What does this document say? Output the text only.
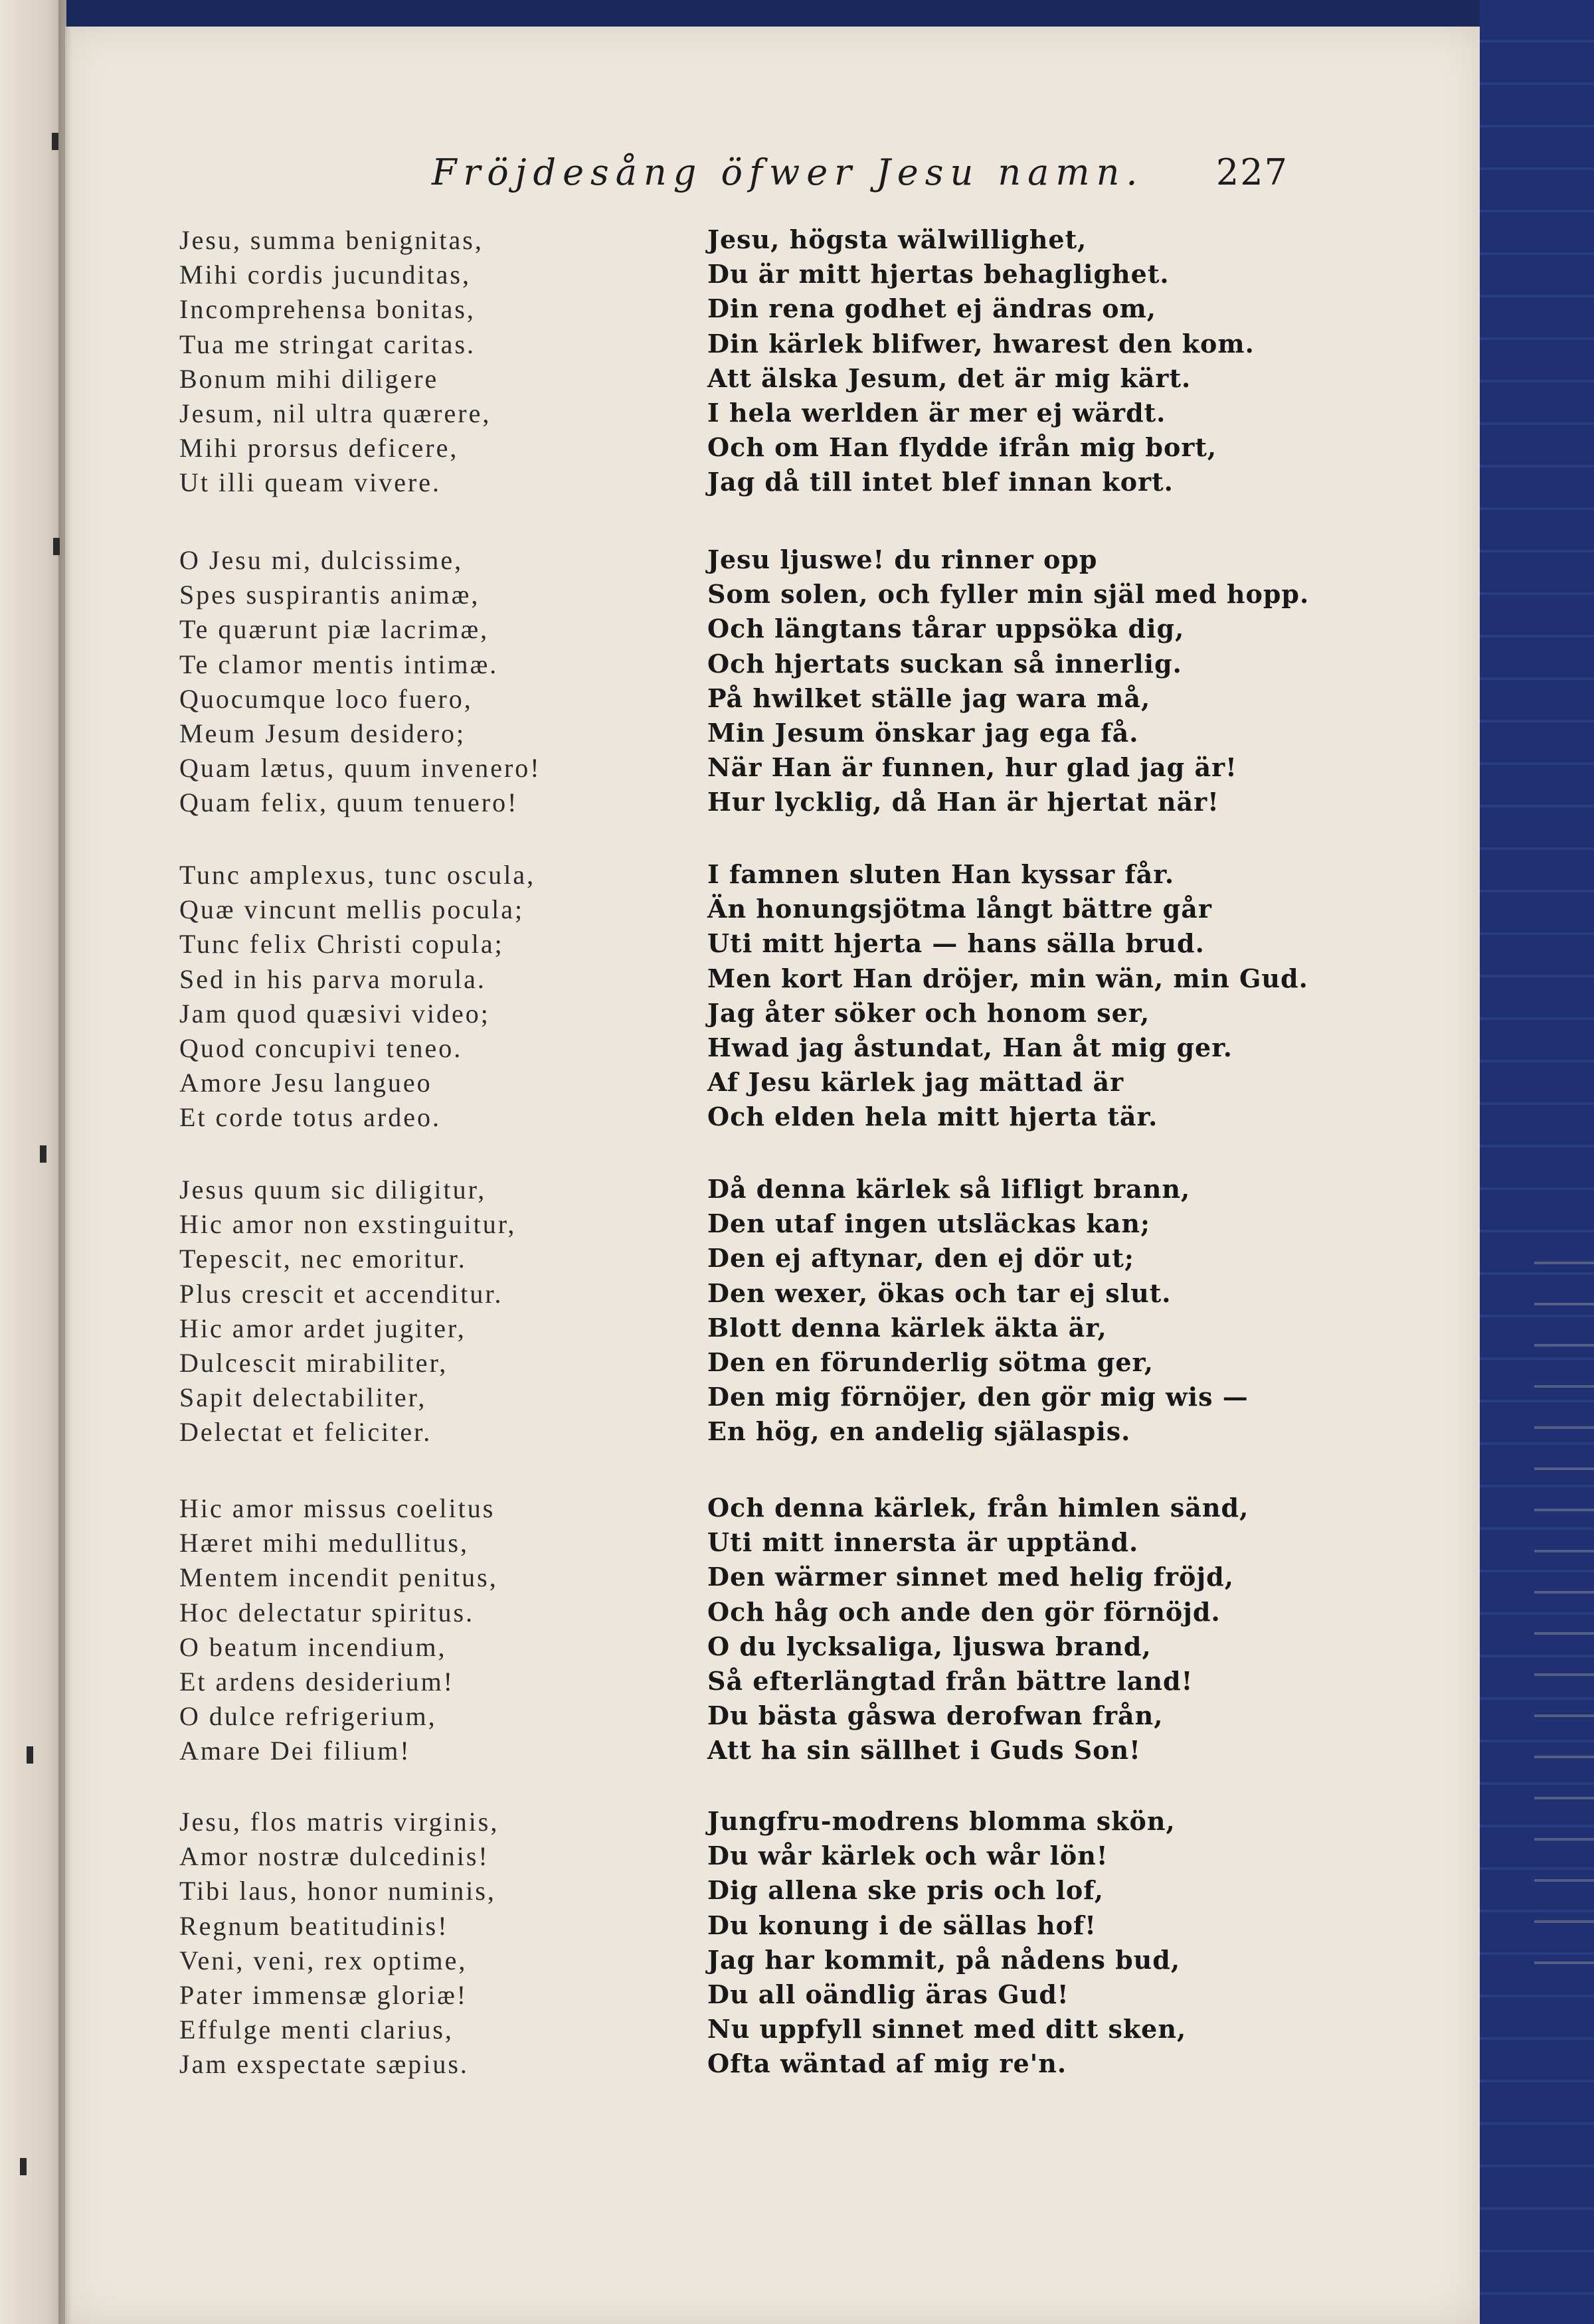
Fröjdesång öfwer Jesu namn. 227
Jesu, summa benignitas,	Jesu, högsta wälwillighet,
Mihi cordis jucunditas,	Du är mitt hjertas behaglighet.
Incomprehensa bonitas,	Din rena godhet ej ändras om,
Tua me stringat caritas.	Din kärlek blifwer, hwarest den kom.
Bonum mihi diligere	Att älska Jesum, det är mig kärt.
Jesum, nil ultra quærere,	I hela werlden är mer ej wärdt.
Mihi prorsus deficere,	Och om Han flydde ifrån mig bort,
Ut illi queam vivere.	Jag då till intet blef innan kort.
O Jesu mi, dulcissime,	Jesu ljuswe! du rinner opp
Spes suspirantis animæ,	Som solen, och fyller min själ med hopp.
Te quærunt piæ lacrimæ,	Och längtans tårar uppsöka dig,
Te clamor mentis intimæ.	Och hjertats suckan så innerlig.
Quocumque loco fuero,	På hwilket ställe jag wara må,
Meum Jesum desidero;	Min Jesum önskar jag ega få.
Quam lætus, quum invenero!	När Han är funnen, hur glad jag är!
Quam felix, quum tenuero!	Hur lycklig, då Han är hjertat när!
Tunc amplexus, tunc oscula,	I famnen sluten Han kyssar får.
Quæ vincunt mellis pocula;	Än honungsjötma långt bättre går
Tunc felix Christi copula;	Uti mitt hjerta — hans sälla brud.
Sed in his parva morula.	Men kort Han dröjer, min wän, min Gud.
Jam quod quæsivi video;	Jag åter söker och honom ser,
Quod concupivi teneo.	Hwad jag åstundat, Han åt mig ger.
Amore Jesu langueo	Af Jesu kärlek jag mättad är
Et corde totus ardeo.	Och elden hela mitt hjerta tär.
Jesus quum sic diligitur,	Då denna kärlek så lifligt brann,
Hic amor non exstinguitur,	Den utaf ingen utsläckas kan;
Tepescit, nec emoritur.	Den ej aftynar, den ej dör ut;
Plus crescit et accenditur.	Den wexer, ökas och tar ej slut.
Hic amor ardet jugiter,	Blott denna kärlek äkta är,
Dulcescit mirabiliter,	Den en förunderlig sötma ger,
Sapit delectabiliter,	Den mig förnöjer, den gör mig wis —
Delectat et feliciter.	En hög, en andelig själaspis.
Hic amor missus coelitus	Och denna kärlek, från himlen sänd,
Hæret mihi medullitus,	Uti mitt innersta är upptänd.
Mentem incendit penitus,	Den wärmer sinnet med helig fröjd,
Hoc delectatur spiritus.	Och håg och ande den gör förnöjd.
O beatum incendium,	O du lycksaliga, ljuswa brand,
Et ardens desiderium!	Så efterlängtad från bättre land!
O dulce refrigerium,	Du bästa gåswa derofwan från,
Amare Dei filium!	Att ha sin sällhet i Guds Son!
Jesu, flos matris virginis,	Jungfru-modrens blomma skön,
Amor nostræ dulcedinis!	Du wår kärlek och wår lön!
Tibi laus, honor numinis,	Dig allena ske pris och lof,
Regnum beatitudinis!	Du konung i de sällas hof!
Veni, veni, rex optime,	Jag har kommit, på nådens bud,
Pater immensæ gloriæ!	Du all oändlig äras Gud!
Effulge menti clarius,	Nu uppfyll sinnet med ditt sken,
Jam exspectate sæpius.	Ofta wäntad af mig re'n.
